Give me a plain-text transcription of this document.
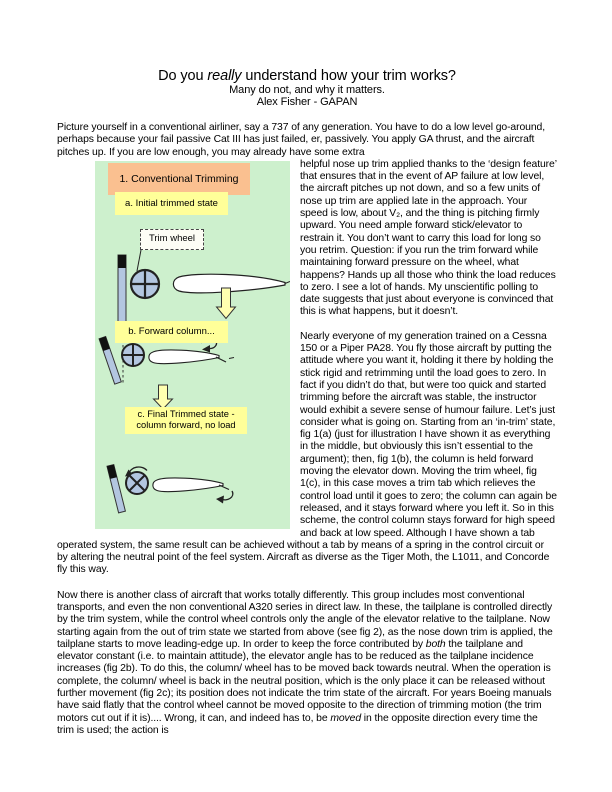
Do you really understand how your trim works?
Many do not, and why it matters.
Alex Fisher - GAPAN

Picture yourself in a conventional airliner, say a 737 of any generation. You have to do a low level go-around, perhaps because your fail passive Cat III has just failed, er, passively. You apply GA thrust, and the aircraft pitches up. If you are low enough, you may already have some extra

1. Conventional Trimming
a. Initial trimmed state
Trim wheel
b. Forward column...
c. Final Trimmed state - column forward, no load

helpful nose up trim applied thanks to the ‘design feature’ that ensures that in the event of AP failure at low level, the aircraft pitches up not down, and so a few units of nose up trim are applied late in the approach. Your speed is low, about V₂, and the thing is pitching firmly upward. You need ample forward stick/elevator to restrain it. You don’t want to carry this load for long so you retrim. Question: if you run the trim forward while maintaining forward pressure on the wheel, what happens? Hands up all those who think the load reduces to zero. I see a lot of hands. My unscientific polling to date suggests that just about everyone is convinced that this is what happens, but it doesn’t.

Nearly everyone of my generation trained on a Cessna 150 or a Piper PA28. You fly those aircraft by putting the attitude where you want it, holding it there by holding the stick rigid and retrimming until the load goes to zero. In fact if you didn’t do that, but were too quick and started trimming before the aircraft was stable, the instructor would exhibit a severe sense of humour failure. Let’s just consider what is going on. Starting from an ‘in-trim’ state, fig 1(a) (just for illustration I have shown it as everything in the middle, but obviously this isn’t essential to the argument); then, fig 1(b), the column is held forward moving the elevator down. Moving the trim wheel, fig 1(c), in this case moves a trim tab which relieves the control load until it goes to zero; the column can again be released, and it stays forward where you left it. So in this scheme, the control column stays forward for high speed and back at low speed. Although I have shown a tab operated system, the same result can be achieved without a tab by means of a spring in the control circuit or by altering the neutral point of the feel system. Aircraft as diverse as the Tiger Moth, the L1011, and Concorde fly this way.

Now there is another class of aircraft that works totally differently. This group includes most conventional transports, and even the non conventional A320 series in direct law. In these, the tailplane is controlled directly by the trim system, while the control wheel controls only the angle of the elevator relative to the tailplane. Now starting again from the out of trim state we started from above (see fig 2), as the nose down trim is applied, the tailplane starts to move leading-edge up. In order to keep the force contributed by both the tailplane and elevator constant (i.e. to maintain attitude), the elevator angle has to be reduced as the tailplane incidence increases (fig 2b). To do this, the column/ wheel has to be moved back towards neutral. When the operation is complete, the column/ wheel is back in the neutral position, which is the only place it can be released without further movement (fig 2c); its position does not indicate the trim state of the aircraft. For years Boeing manuals have said flatly that the control wheel cannot be moved opposite to the direction of trimming motion (the trim motors cut out if it is).... Wrong, it can, and indeed has to, be moved in the opposite direction every time the trim is used; the action is
